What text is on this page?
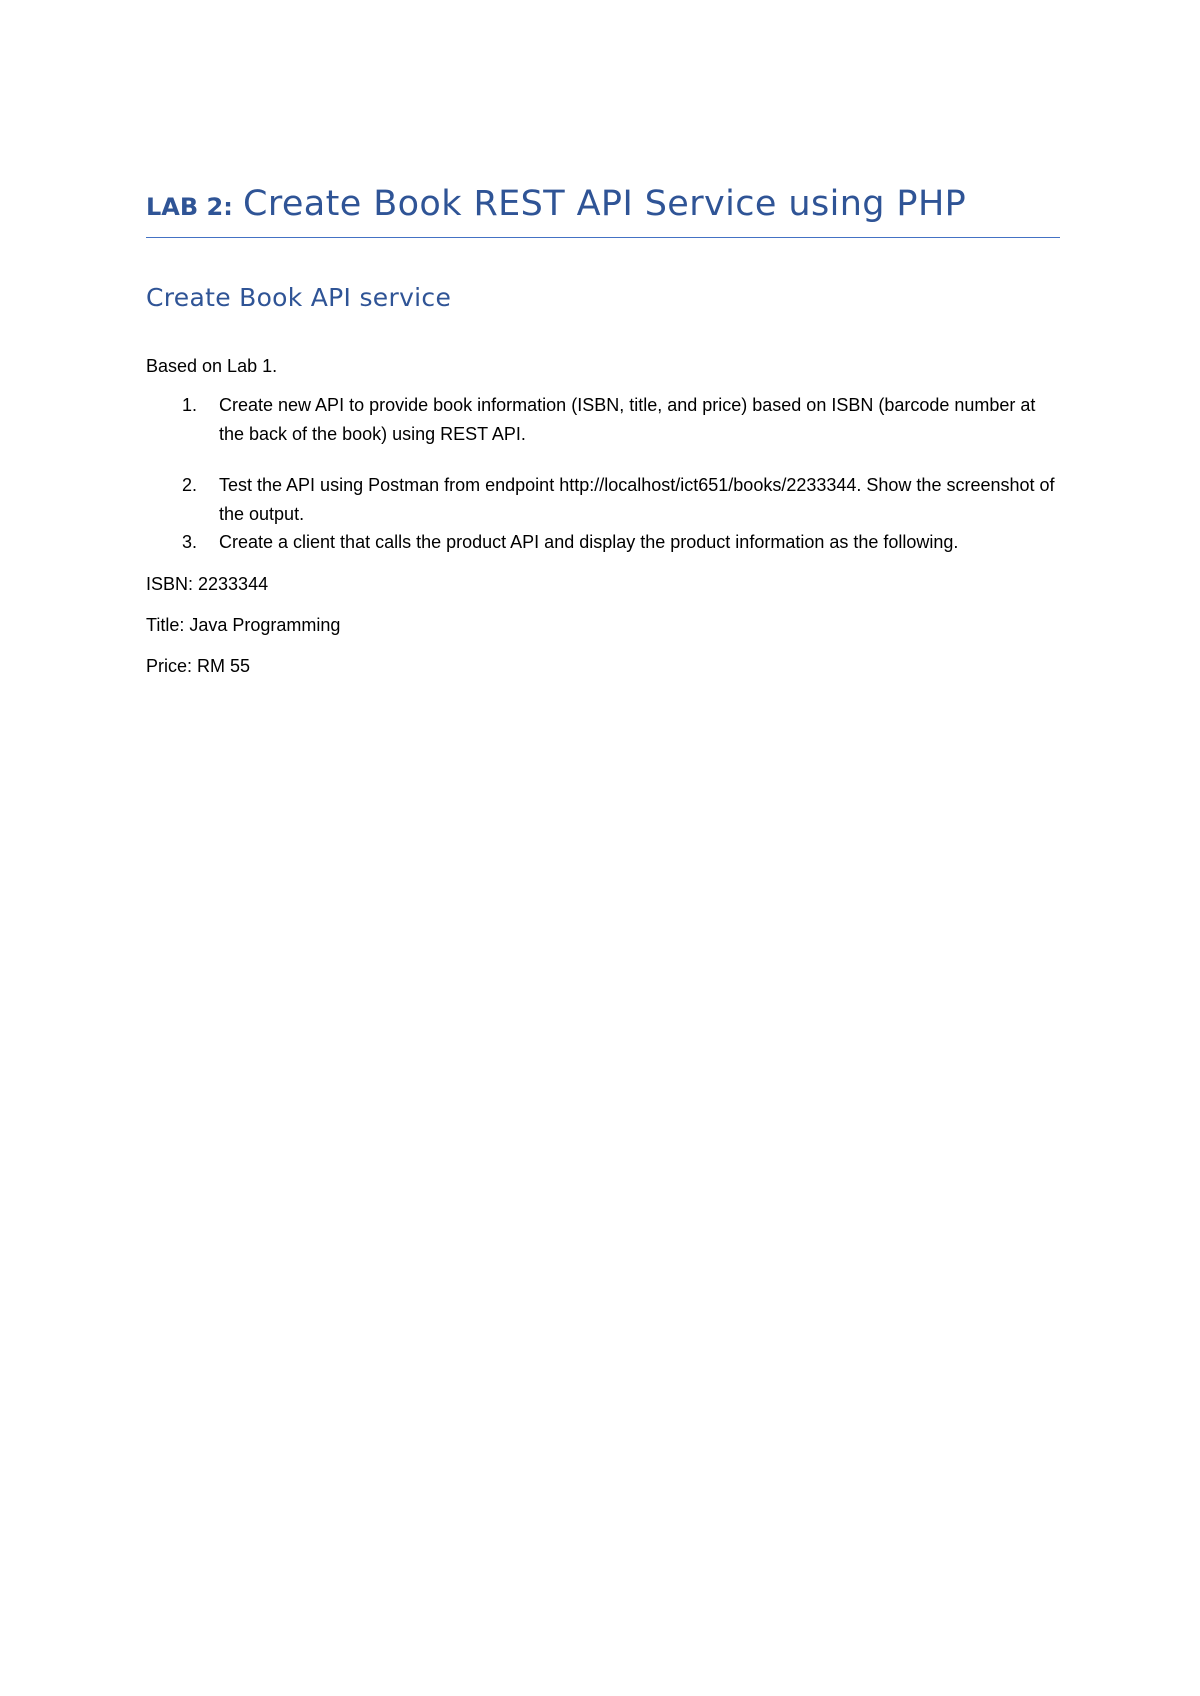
LAB 2: Create Book REST API Service using PHP
Create Book API service

Based on Lab 1.

1. Create new API to provide book information (ISBN, title, and price) based on ISBN (barcode number at the back of the book) using REST API.
2. Test the API using Postman from endpoint http://localhost/ict651/books/2233344. Show the screenshot of the output.
3. Create a client that calls the product API and display the product information as the following.

ISBN: 2233344

Title: Java Programming

Price: RM 55
